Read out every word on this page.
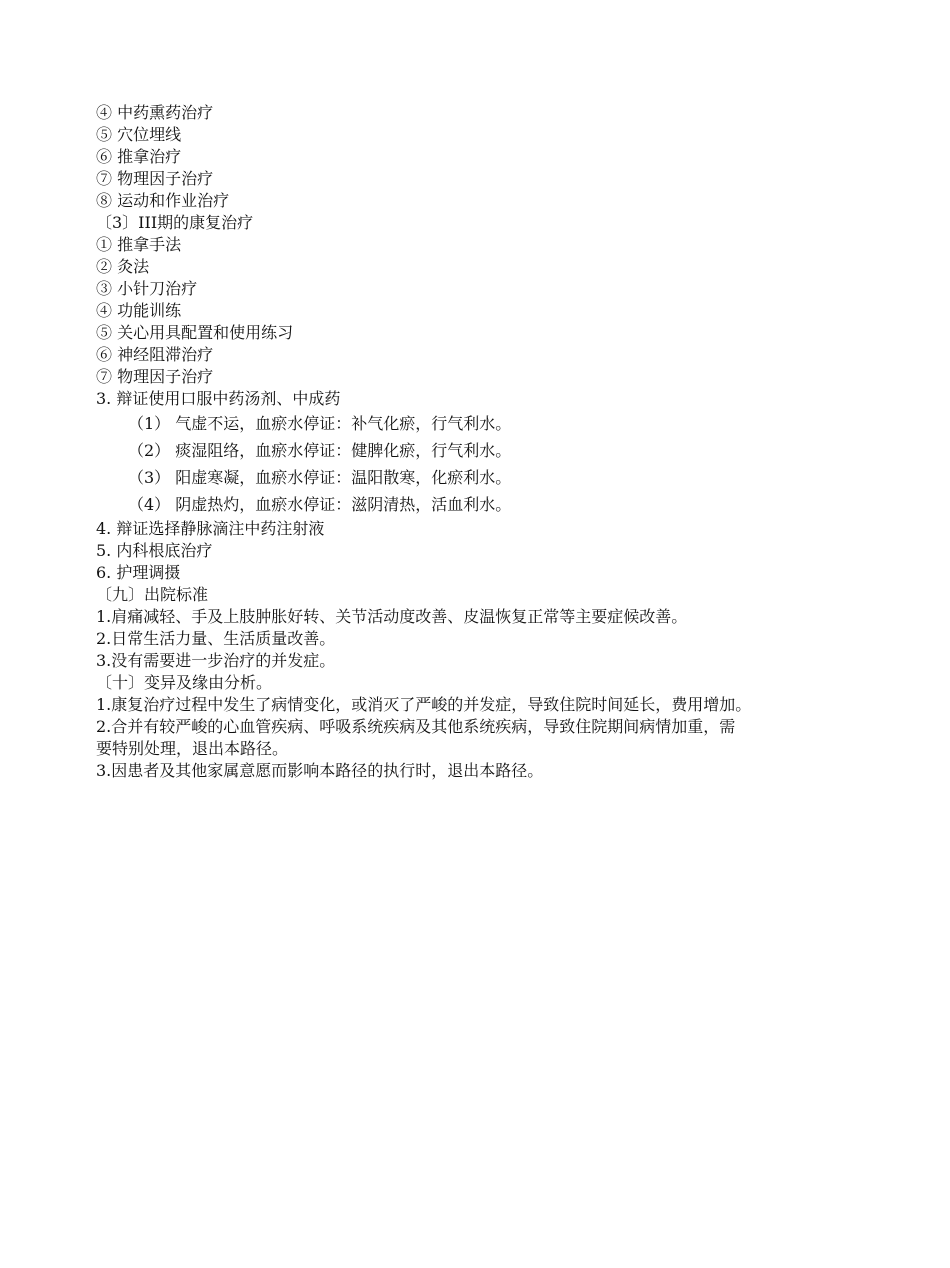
④ 中药熏药治疗
⑤ 穴位埋线
⑥ 推拿治疗
⑦ 物理因子治疗
⑧ 运动和作业治疗
〔3〕III期的康复治疗
① 推拿手法
② 灸法
③ 小针刀治疗
④ 功能训练
⑤ 关心用具配置和使用练习
⑥ 神经阻滞治疗
⑦ 物理因子治疗
3. 辩证使用口服中药汤剂、中成药
（1） 气虚不运，血瘀水停证：补气化瘀，行气利水。
（2） 痰湿阻络，血瘀水停证：健脾化瘀，行气利水。
（3） 阳虚寒凝，血瘀水停证：温阳散寒，化瘀利水。
（4） 阴虚热灼，血瘀水停证：滋阴清热，活血利水。
4. 辩证选择静脉滴注中药注射液
5. 内科根底治疗
6. 护理调摄
〔九〕出院标准
1.肩痛减轻、手及上肢肿胀好转、关节活动度改善、皮温恢复正常等主要症候改善。
2.日常生活力量、生活质量改善。
3.没有需要进一步治疗的并发症。
〔十〕变异及缘由分析。
1.康复治疗过程中发生了病情变化，或消灭了严峻的并发症，导致住院时间延长，费用增加。
2.合并有较严峻的心血管疾病、呼吸系统疾病及其他系统疾病，导致住院期间病情加重，需
要特别处理，退出本路径。
3.因患者及其他家属意愿而影响本路径的执行时，退出本路径。
